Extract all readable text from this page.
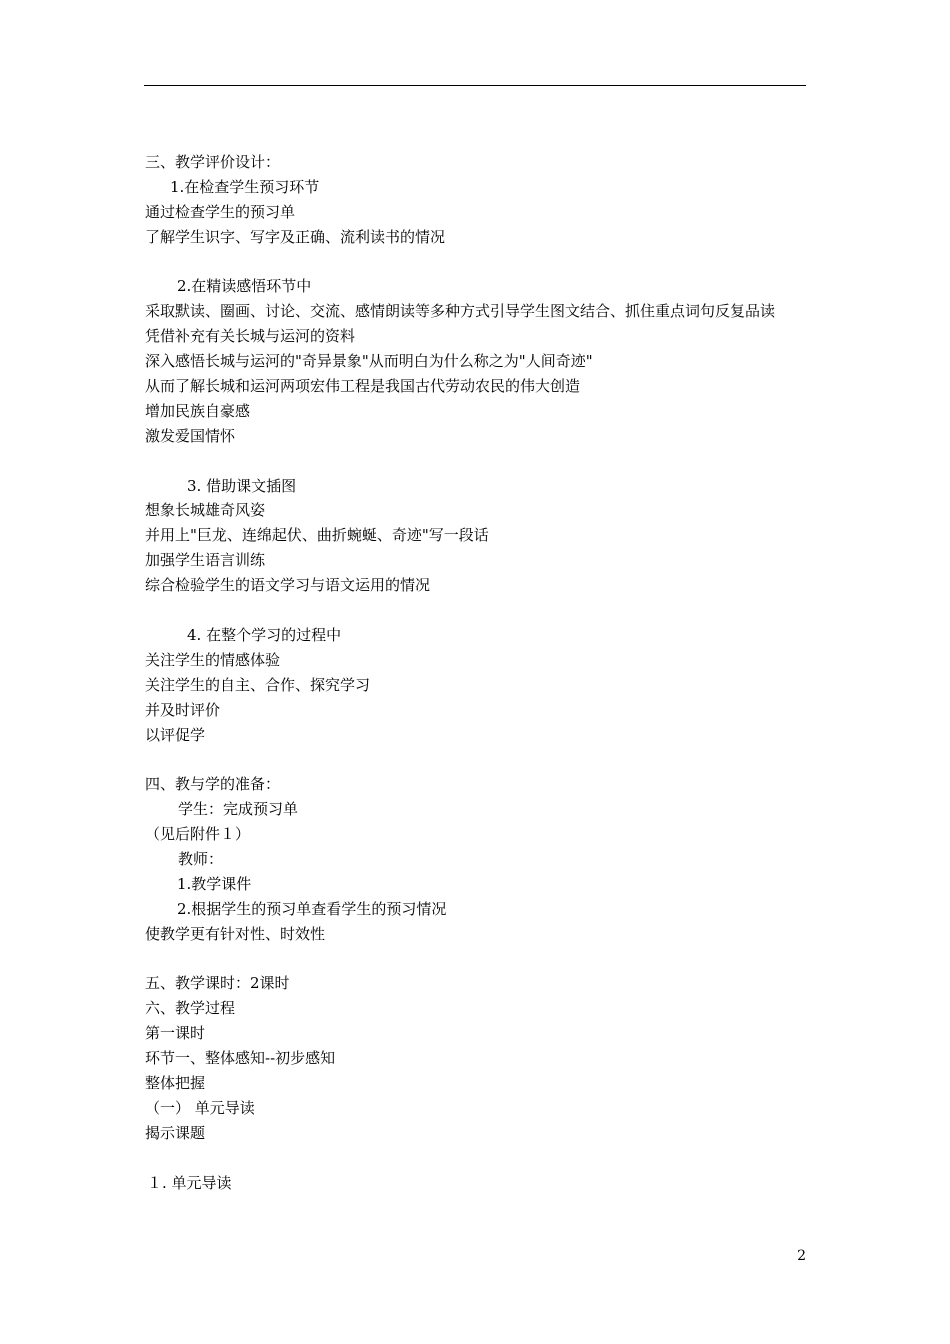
三、教学评价设计：
1.在检查学生预习环节
通过检查学生的预习单
了解学生识字、写字及正确、流利读书的情况
2.在精读感悟环节中
采取默读、圈画、讨论、交流、感情朗读等多种方式引导学生图文结合、抓住重点词句反复品读
凭借补充有关长城与运河的资料
深入感悟长城与运河的"奇异景象"从而明白为什么称之为"人间奇迹"
从而了解长城和运河两项宏伟工程是我国古代劳动农民的伟大创造
增加民族自豪感
激发爱国情怀
3. 借助课文插图
想象长城雄奇风姿
并用上"巨龙、连绵起伏、曲折蜿蜒、奇迹"写一段话
加强学生语言训练
综合检验学生的语文学习与语文运用的情况
4. 在整个学习的过程中
关注学生的情感体验
关注学生的自主、合作、探究学习
并及时评价
以评促学
四、教与学的准备：
学生：完成预习单
（见后附件１）
教师：
1.教学课件
2.根据学生的预习单查看学生的预习情况
使教学更有针对性、时效性
五、教学课时：2课时
六、教学过程
第一课时
环节一、整体感知--初步感知
整体把握
（一） 单元导读
揭示课题
１. 单元导读
2
